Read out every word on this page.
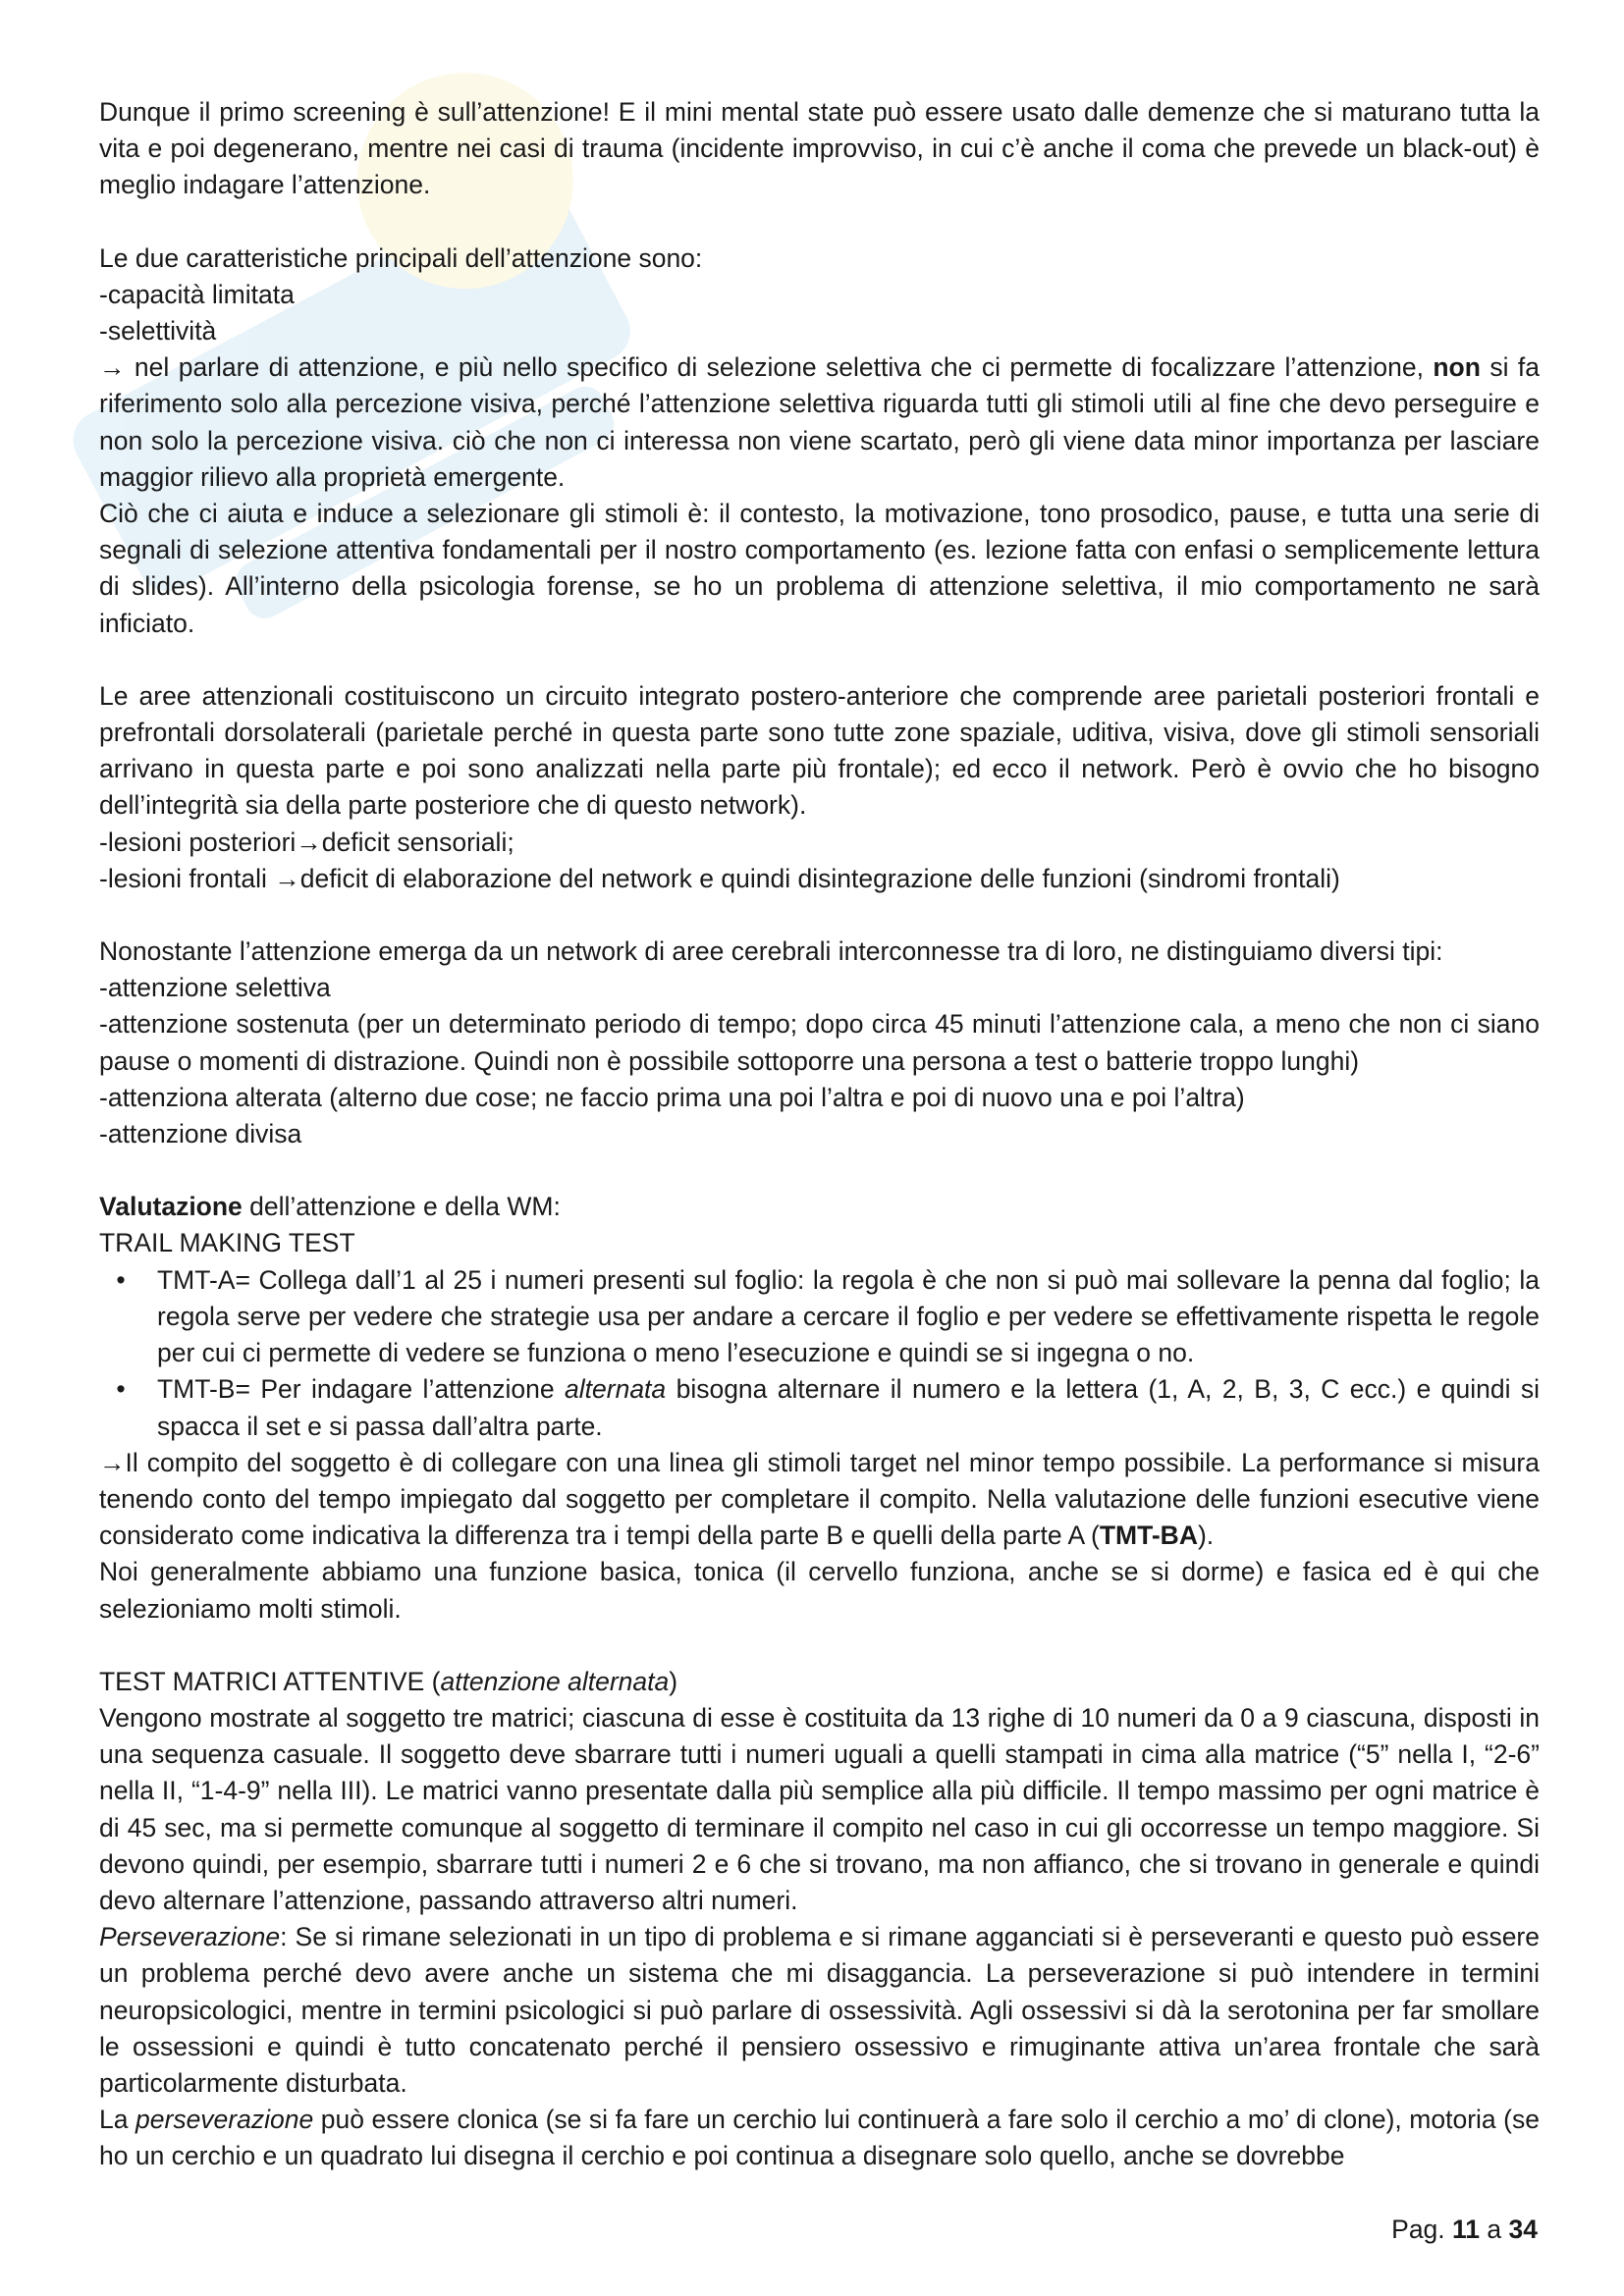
Dunque il primo screening è sull’attenzione! E il mini mental state può essere usato dalle demenze che si maturano tutta la vita e poi degenerano, mentre nei casi di trauma (incidente improvviso, in cui c’è anche il coma che prevede un black-out) è meglio indagare l’attenzione.

Le due caratteristiche principali dell’attenzione sono:

-capacità limitata

-selettività

→ nel parlare di attenzione, e più nello specifico di selezione selettiva che ci permette di focalizzare l’attenzione, non si fa riferimento solo alla percezione visiva, perché l’attenzione selettiva riguarda tutti gli stimoli utili al fine che devo perseguire e non solo la percezione visiva. ciò che non ci interessa non viene scartato, però gli viene data minor importanza per lasciare maggior rilievo alla proprietà emergente.

Ciò che ci aiuta e induce a selezionare gli stimoli è: il contesto, la motivazione, tono prosodico, pause, e tutta una serie di segnali di selezione attentiva fondamentali per il nostro comportamento (es. lezione fatta con enfasi o semplicemente lettura di slides). All’interno della psicologia forense, se ho un problema di attenzione selettiva, il mio comportamento ne sarà inficiato.

Le aree attenzionali costituiscono un circuito integrato postero-anteriore che comprende aree parietali posteriori frontali e prefrontali dorsolaterali (parietale perché in questa parte sono tutte zone spaziale, uditiva, visiva, dove gli stimoli sensoriali arrivano in questa parte e poi sono analizzati nella parte più frontale); ed ecco il network. Però è ovvio che ho bisogno dell’integrità sia della parte posteriore che di questo network).

-lesioni posteriori→deficit sensoriali;

-lesioni frontali →deficit di elaborazione del network e quindi disintegrazione delle funzioni (sindromi frontali)

Nonostante l’attenzione emerga da un network di aree cerebrali interconnesse tra di loro, ne distinguiamo diversi tipi:

-attenzione selettiva

-attenzione sostenuta (per un determinato periodo di tempo; dopo circa 45 minuti l’attenzione cala, a meno che non ci siano pause o momenti di distrazione. Quindi non è possibile sottoporre una persona a test o batterie troppo lunghi)

-attenziona alterata (alterno due cose; ne faccio prima una poi l’altra e poi di nuovo una e poi l’altra)

-attenzione divisa

Valutazione dell’attenzione e della WM:

TRAIL MAKING TEST

• TMT-A= Collega dall’1 al 25 i numeri presenti sul foglio: la regola è che non si può mai sollevare la penna dal foglio; la regola serve per vedere che strategie usa per andare a cercare il foglio e per vedere se effettivamente rispetta le regole per cui ci permette di vedere se funziona o meno l’esecuzione e quindi se si ingegna o no.
• TMT-B= Per indagare l’attenzione alternata bisogna alternare il numero e la lettera (1, A, 2, B, 3, C ecc.) e quindi si spacca il set e si passa dall’altra parte.

→Il compito del soggetto è di collegare con una linea gli stimoli target nel minor tempo possibile. La performance si misura tenendo conto del tempo impiegato dal soggetto per completare il compito. Nella valutazione delle funzioni esecutive viene considerato come indicativa la differenza tra i tempi della parte B e quelli della parte A (TMT-BA).

Noi generalmente abbiamo una funzione basica, tonica (il cervello funziona, anche se si dorme) e fasica ed è qui che selezioniamo molti stimoli.

TEST MATRICI ATTENTIVE (attenzione alternata)

Vengono mostrate al soggetto tre matrici; ciascuna di esse è costituita da 13 righe di 10 numeri da 0 a 9 ciascuna, disposti in una sequenza casuale. Il soggetto deve sbarrare tutti i numeri uguali a quelli stampati in cima alla matrice (“5” nella I, “2-6” nella II, “1-4-9” nella III). Le matrici vanno presentate dalla più semplice alla più difficile. Il tempo massimo per ogni matrice è di 45 sec, ma si permette comunque al soggetto di terminare il compito nel caso in cui gli occorresse un tempo maggiore. Si devono quindi, per esempio, sbarrare tutti i numeri 2 e 6 che si trovano, ma non affianco, che si trovano in generale e quindi devo alternare l’attenzione, passando attraverso altri numeri.

Perseverazione: Se si rimane selezionati in un tipo di problema e si rimane agganciati si è perseveranti e questo può essere un problema perché devo avere anche un sistema che mi disaggancia. La perseverazione si può intendere in termini neuropsicologici, mentre in termini psicologici si può parlare di ossessività. Agli ossessivi si dà la serotonina per far smollare le ossessioni e quindi è tutto concatenato perché il pensiero ossessivo e rimuginante attiva un’area frontale che sarà particolarmente disturbata.

La perseverazione può essere clonica (se si fa fare un cerchio lui continuerà a fare solo il cerchio a mo’ di clone), motoria (se ho un cerchio e un quadrato lui disegna il cerchio e poi continua a disegnare solo quello, anche se dovrebbe

Pag. 11 a 34
